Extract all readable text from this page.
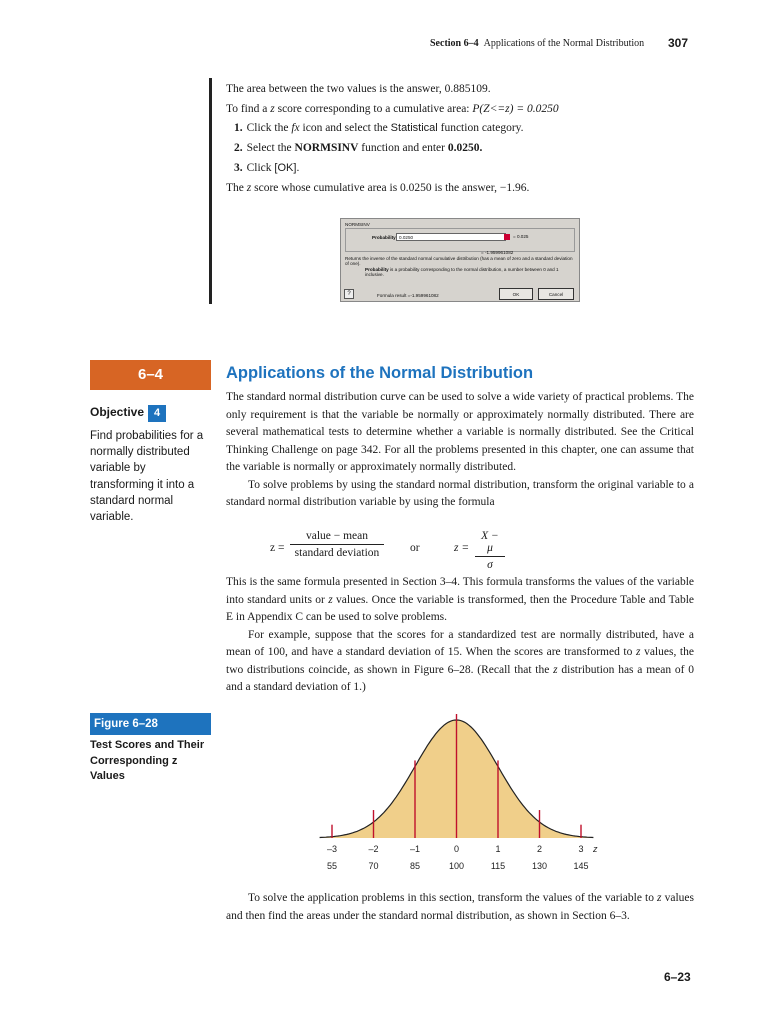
Section 6–4 Applications of the Normal Distribution 307
The area between the two values is the answer, 0.885109.
To find a z score corresponding to a cumulative area: P(Z<=z) = 0.0250
1. Click the fx icon and select the Statistical function category.
2. Select the NORMSINV function and enter 0.0250.
3. Click [OK].
The z score whose cumulative area is 0.0250 is the answer, −1.96.
NORMSINV
Probability 0.0250	= 0.025
= -1.959961082
Returns the inverse of the standard normal cumulative distribution (has a mean of zero and a standard deviation of one).
Probability is a probability corresponding to the normal distribution, a number between 0 and 1 inclusive.
?	Formula result =-1.959961082	OK	Cancel
6–4	Applications of the Normal Distribution
Objective 4
Find probabilities for a normally distributed variable by transforming it into a standard normal variable.

The standard normal distribution curve can be used to solve a wide variety of practical problems. The only requirement is that the variable be normally or approximately normally distributed. There are several mathematical tests to determine whether a variable is normally distributed. See the Critical Thinking Challenge on page 342. For all the problems presented in this chapter, one can assume that the variable is normally or approximately normally distributed.

To solve problems by using the standard normal distribution, transform the original variable to a standard normal distribution variable by using the formula

z =
value − mean
standard deviation	or	z =
X − μ
σ

This is the same formula presented in Section 3–4. This formula transforms the values of the variable into standard units or z values. Once the variable is transformed, then the Procedure Table and Table E in Appendix C can be used to solve problems.

For example, suppose that the scores for a standardized test are normally distributed, have a mean of 100, and have a standard deviation of 15. When the scores are transformed to z values, the two distributions coincide, as shown in Figure 6–28. (Recall that the z distribution has a mean of 0 and a standard deviation of 1.)

Figure 6–28
Test Scores and Their Corresponding z Values
–3
55
–2
70
–1
85
0
100
1
115
2
130
3
145
z

To solve the application problems in this section, transform the values of the variable to z values and then find the areas under the standard normal distribution, as shown in Section 6–3.

6–23
